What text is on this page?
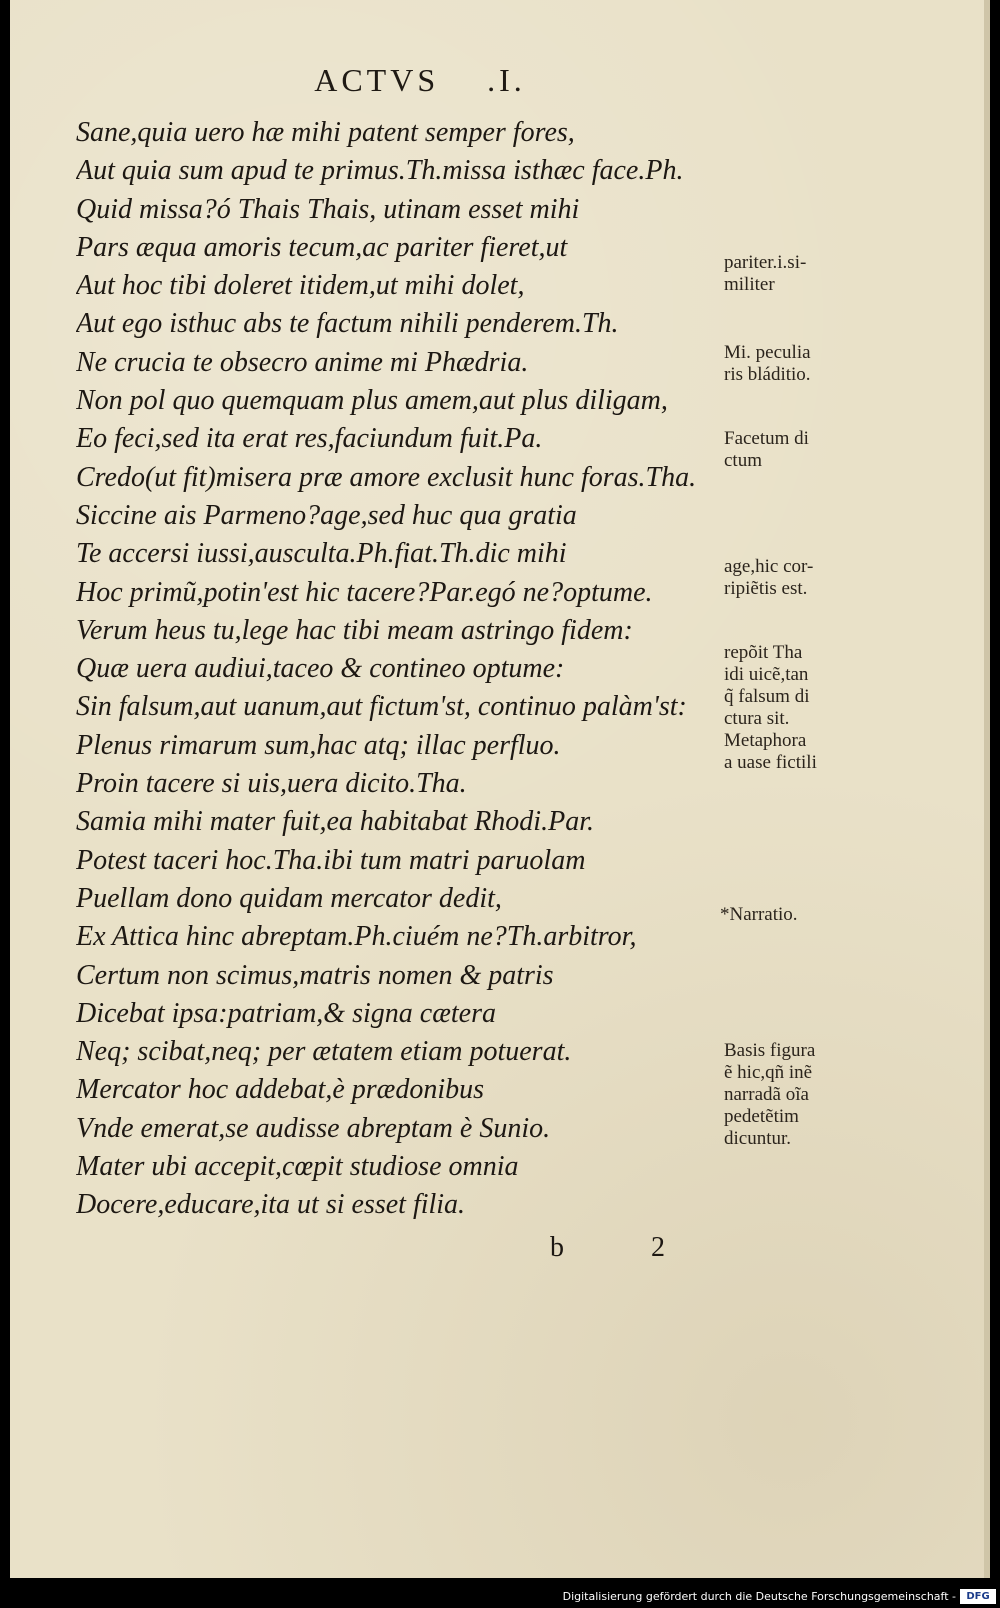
ACTVS .I.
Sane,quia uero hæ mihi patent semper fores,
Aut quia sum apud te primus.Th.missa isthæc face.Ph.
Quid missa?ó Thais Thais, utinam esset mihi
Pars æqua amoris tecum,ac pariter fieret,ut
Aut hoc tibi doleret itidem,ut mihi dolet,
Aut ego isthuc abs te factum nihili penderem.Th.
Ne crucia te obsecro anime mi Phædria.
Non pol quo quemquam plus amem,aut plus diligam,
Eo feci,sed ita erat res,faciundum fuit.Pa.
Credo(ut fit)misera præ amore exclusit hunc foras.Tha.
Siccine ais Parmeno?age,sed huc qua gratia
Te accersi iussi,ausculta.Ph.fiat.Th.dic mihi
Hoc primũ,potin'est hic tacere?Par.egó ne?optume.
Verum heus tu,lege hac tibi meam astringo fidem:
Quæ uera audiui,taceo & contineo optume:
Sin falsum,aut uanum,aut fictum'st, continuo palàm'st:
Plenus rimarum sum,hac atq; illac perfluo.
Proin tacere si uis,uera dicito.Tha.
Samia mihi mater fuit,ea habitabat Rhodi.Par.
Potest taceri hoc.Tha.ibi tum matri paruolam
Puellam dono quidam mercator dedit,
Ex Attica hinc abreptam.Ph.ciuém ne?Th.arbitror,
Certum non scimus,matris nomen & patris
Dicebat ipsa:patriam,& signa cætera
Neq; scibat,neq; per ætatem etiam potuerat.
Mercator hoc addebat,è prædonibus
Vnde emerat,se audisse abreptam è Sunio.
Mater ubi accepit,cœpit studiose omnia
Docere,educare,ita ut si esset filia.
pariter.i.si-
militer
Mi. peculia
ris bláditio.
Facetum di
ctum
age,hic cor-
ripiẽtis est.
repõit Tha
idi uicẽ,tan
q̃ falsum di
ctura sit.
Metaphora
a uase fictili
*Narratio.
Basis figura
ẽ hic,qñ inẽ
narradã oĩa
pedetẽtim
dicuntur.
b 2
Digitalisierung gefördert durch die Deutsche Forschungsgemeinschaft -	DFG
